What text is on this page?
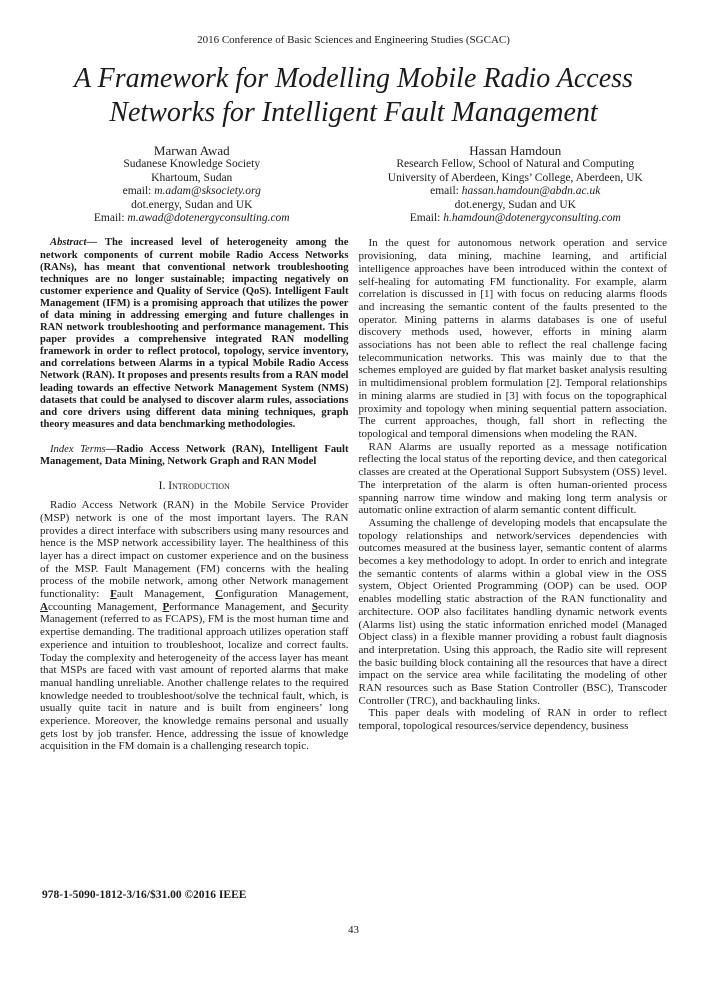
2016 Conference of Basic Sciences and Engineering Studies (SGCAC)

A Framework for Modelling Mobile Radio Access Networks for Intelligent Fault Management
Marwan Awad
Sudanese Knowledge Society
Khartoum, Sudan
email: m.adam@sksociety.org
dot.energy, Sudan and UK
Email: m.awad@dotenergyconsulting.com
Hassan Hamdoun
Research Fellow, School of Natural and Computing
University of Aberdeen, Kings’ College, Aberdeen, UK
email: hassan.hamdoun@abdn.ac.uk
dot.energy, Sudan and UK
Email: h.hamdoun@dotenergyconsulting.com

Abstract— The increased level of heterogeneity among the network components of current mobile Radio Access Networks (RANs), has meant that conventional network troubleshooting techniques are no longer sustainable; impacting negatively on customer experience and Quality of Service (QoS). Intelligent Fault Management (IFM) is a promising approach that utilizes the power of data mining in addressing emerging and future challenges in RAN network troubleshooting and performance management. This paper provides a comprehensive integrated RAN modelling framework in order to reflect protocol, topology, service inventory, and correlations between Alarms in a typical Mobile Radio Access Network (RAN). It proposes and presents results from a RAN model leading towards an effective Network Management System (NMS) datasets that could be analysed to discover alarm rules, associations and core drivers using different data mining techniques, graph theory measures and data benchmarking methodologies.

Index Terms—Radio Access Network (RAN), Intelligent Fault Management, Data Mining, Network Graph and RAN Model

I. Introduction

Radio Access Network (RAN) in the Mobile Service Provider (MSP) network is one of the most important layers. The RAN provides a direct interface with subscribers using many resources and hence is the MSP network accessibility layer. The healthiness of this layer has a direct impact on customer experience and on the business of the MSP. Fault Management (FM) concerns with the healing process of the mobile network, among other Network management functionality: Fault Management, Configuration Management, Accounting Management, Performance Management, and Security Management (referred to as FCAPS), FM is the most human time and expertise demanding. The traditional approach utilizes operation staff experience and intuition to troubleshoot, localize and correct faults. Today the complexity and heterogeneity of the access layer has meant that MSPs are faced with vast amount of reported alarms that make manual handling unreliable. Another challenge relates to the required knowledge needed to troubleshoot/solve the technical fault, which, is usually quite tacit in nature and is built from engineers’ long experience. Moreover, the knowledge remains personal and usually gets lost by job transfer. Hence, addressing the issue of knowledge acquisition in the FM domain is a challenging research topic.

In the quest for autonomous network operation and service provisioning, data mining, machine learning, and artificial intelligence approaches have been introduced within the context of self-healing for automating FM functionality. For example, alarm correlation is discussed in [1] with focus on reducing alarms floods and increasing the semantic content of the faults presented to the operator. Mining patterns in alarms databases is one of useful discovery methods used, however, efforts in mining alarm associations has not been able to reflect the real challenge facing telecommunication networks. This was mainly due to that the schemes employed are guided by flat market basket analysis resulting in multidimensional problem formulation [2]. Temporal relationships in mining alarms are studied in [3] with focus on the topographical proximity and topology when mining sequential pattern association. The current approaches, though, fall short in reflecting the topological and temporal dimensions when modeling the RAN.

RAN Alarms are usually reported as a message notification reflecting the local status of the reporting device, and then categorical classes are created at the Operational Support Subsystem (OSS) level. The interpretation of the alarm is often human-oriented process spanning narrow time window and making long term analysis or automatic online extraction of alarm semantic content difficult.

Assuming the challenge of developing models that encapsulate the topology relationships and network/services dependencies with outcomes measured at the business layer, semantic content of alarms becomes a key methodology to adopt. In order to enrich and integrate the semantic contents of alarms within a global view in the OSS system, Object Oriented Programming (OOP) can be used. OOP enables modelling static abstraction of the RAN functionality and architecture. OOP also facilitates handling dynamic network events (Alarms list) using the static information enriched model (Managed Object class) in a flexible manner providing a robust fault diagnosis and interpretation. Using this approach, the Radio site will represent the basic building block containing all the resources that have a direct impact on the service area while facilitating the modeling of other RAN resources such as Base Station Controller (BSC), Transcoder Controller (TRC), and backhauling links.

This paper deals with modeling of RAN in order to reflect temporal, topological resources/service dependency, business

978-1-5090-1812-3/16/$31.00 ©2016 IEEE
43
